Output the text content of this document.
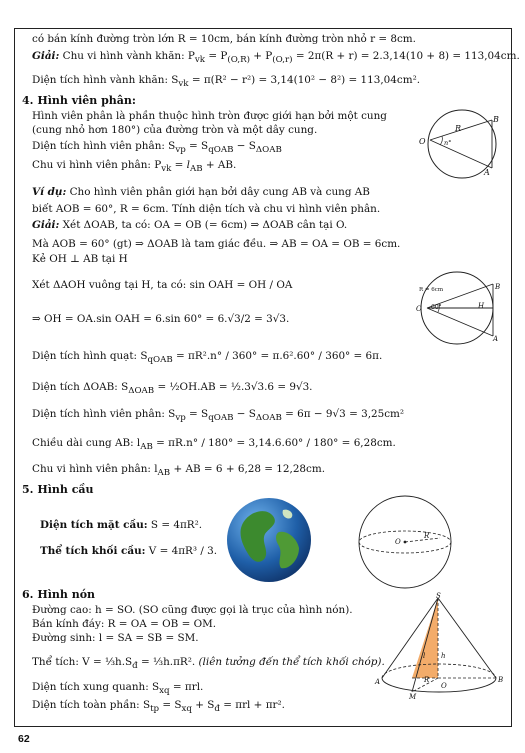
có bán kính đường tròn lớn R = 10cm, bán kính đường tròn nhỏ r = 8cm.
Giải: Chu vi hình vành khăn: $P_{vk} = P_{(O,R)} + P_{(O,r)} = 2\pi(R + r) = 2.3,14(10 + 8) = 113,04cm$.
Diện tích hình vành khăn: $S_{vk} = \pi(R^2 - r^2) = 3,14(10^2 - 8^2) = 113,04cm^2$.
4. Hình viên phân:
Hình viên phân là phần thuộc hình tròn được giới hạn bởi một cung
(cung nhỏ hơn 180°) của đường tròn và một dây cung.
Diện tích hình viên phân: $S_{vp} = S_{qOAB} - S_{\Delta OAB}$
Chu vi hình viên phân: $P_{vk} = l_{AB}$ + AB.
O
R
n°
B
A
Ví dụ: Cho hình viên phân giới hạn bởi dây cung AB và cung AB
biết AOB = 60°, R = 6cm. Tính diện tích và chu vi hình viên phân.
Giải: Xét ΔOAB, ta có: OA = OB (= 6cm) ⇒ ΔOAB cân tại O.
Mà AOB = 60° (gt) ⇒ ΔOAB là tam giác đều. ⇒ AB = OA = OB = 6cm.
Kẻ OH ⊥ AB tại H
Xét ΔAOH vuông tại H, ta có: sin OAH = OH / OA
⇒ OH = OA.sin OAH = 6.sin 60° = 6.√3/2 = 3√3.
R = 6cm
O 60°	H
B
A
Diện tích hình quạt: $S_{qOAB} = \pi R^2.n^\circ / 360^\circ = \pi.6^2.60^\circ / 360^\circ = 6\pi$.
Diện tích ΔOAB: $S_{\Delta OAB}$ = ½OH.AB = ½.3√3.6 = 9√3.
Diện tích hình viên phân: $S_{vp} = S_{qOAB} - S_{\Delta OAB} = 6\pi - 9√3 = 3,25cm^2$
Chiều dài cung AB: $l_{AB} = \pi R.n^\circ / 180^\circ = 3,14.6.60^\circ / 180^\circ = 6,28cm$.
Chu vi hình viên phân: $l_{AB}$ + AB = 6 + 6,28 = 12,28cm.
5. Hình cầu
Diện tích mặt cầu: S = 4πR².
Thể tích khối cầu: V = 4πR³ / 3.
O
R
6. Hình nón
Đường cao: h = SO. (SO cũng được gọi là trục của hình nón).
Bán kính đáy: R = OA = OB = OM.
Đường sinh: l = SA = SB = SM.
Thể tích: $V = \frac{1}{3}h.S_đ$ = ⅓h.πR². (liên tưởng đến thể tích khối chóp).
Diện tích xung quanh: $S_{xq} = \pi rl$.
Diện tích toàn phần: $S_{tp} = S_{xq} + S_đ = \pi rl + \pi r^2$.
S
l h
R
O
A	B
M
62
